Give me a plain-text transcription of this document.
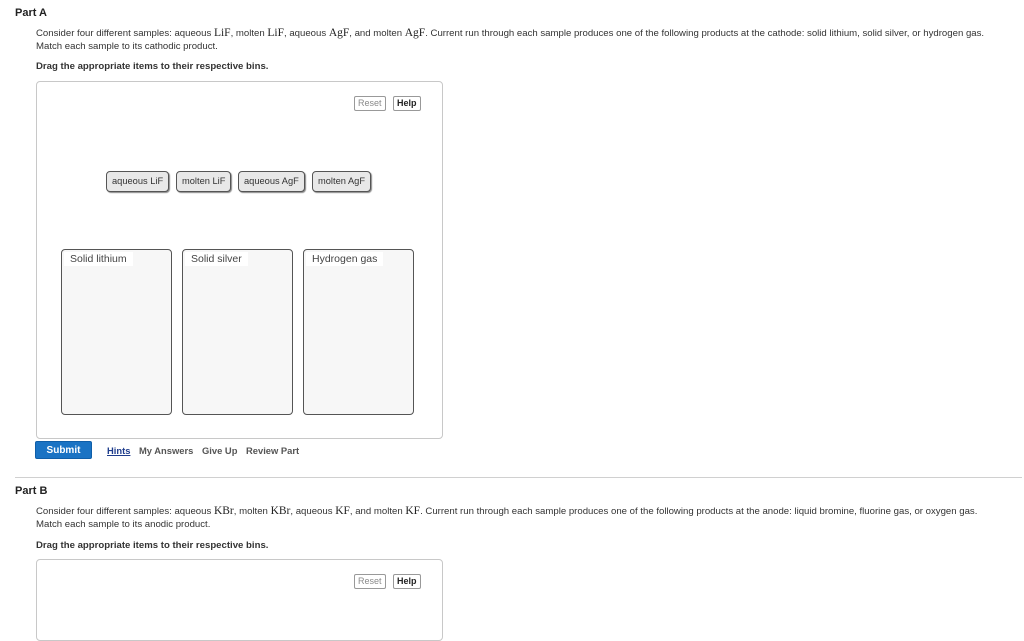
Part A
Consider four different samples: aqueous LiF, molten LiF, aqueous AgF, and molten AgF. Current run through each sample produces one of the following products at the cathode: solid lithium, solid silver, or hydrogen gas. Match each sample to its cathodic product.
Drag the appropriate items to their respective bins.
Reset	Help
aqueous LiF	molten LiF	aqueous AgF	molten AgF
Solid lithium	Solid silver	Hydrogen gas
Submit	Hints My Answers Give Up Review Part
Part B
Consider four different samples: aqueous KBr, molten KBr, aqueous KF, and molten KF. Current run through each sample produces one of the following products at the anode: liquid bromine, fluorine gas, or oxygen gas. Match each sample to its anodic product.
Drag the appropriate items to their respective bins.
Reset	Help
